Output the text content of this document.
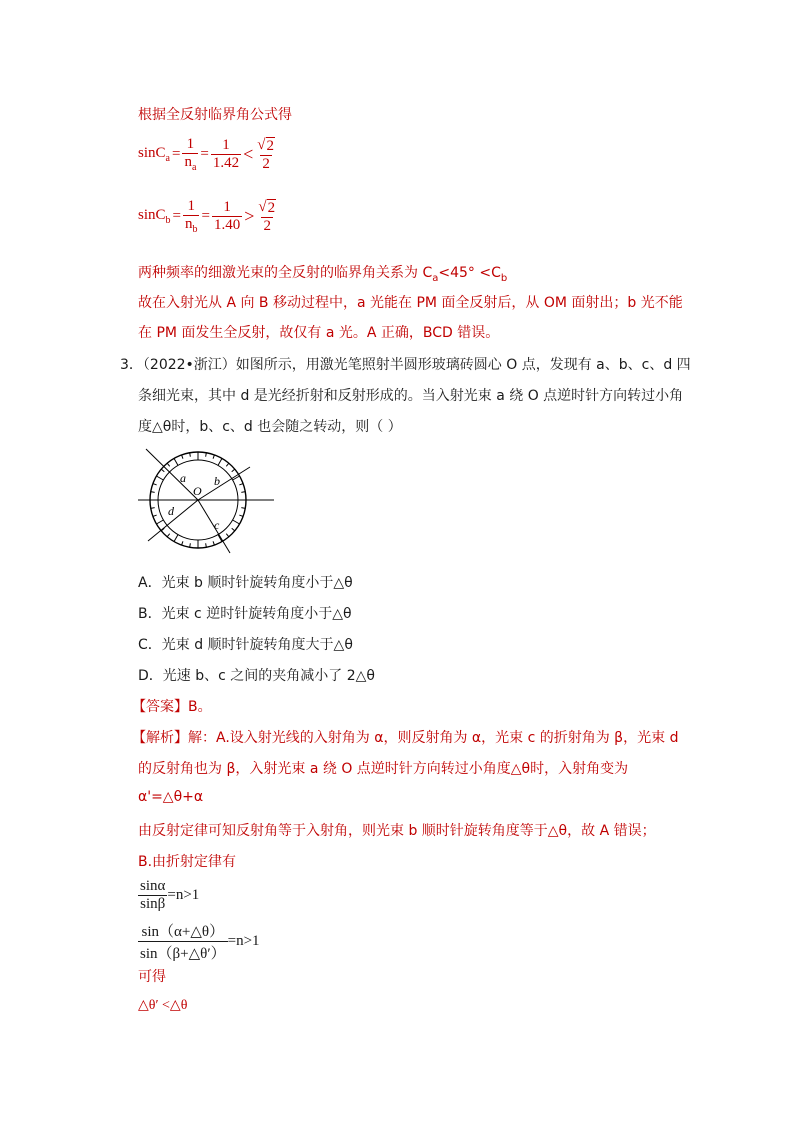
根据全反射临界角公式得
$\sin C_a = \frac{1}{n_a} = \frac{1}{1.42} < \frac{√ 2}{2}$
$\sin C_b = \frac{1}{n_b} = \frac{1}{1.40} > \frac{√ 2}{2}$
两种频率的细激光束的全反射的临界角关系为 $C_a<45^\circ <C_b$
故在入射光从 A 向 B 移动过程中，a 光能在 PM 面全反射后，从 OM 面射出；b 光不能
在 PM 面发生全反射，故仅有 a 光。A 正确，BCD 错误。
3．（2022•浙江）如图所示，用激光笔照射半圆形玻璃砖圆心 O 点，发现有 a、b、c、d 四
条细光束，其中 d 是光经折射和反射形成的。当入射光束 a 绕 O 点逆时针方向转过小角
度△θ时，b、c、d 也会随之转动，则（ ）
a b
c
d
O
A．光束 b 顺时针旋转角度小于△θ
B．光束 c 逆时针旋转角度小于△θ
C．光束 d 顺时针旋转角度大于△θ
D．光速 b、c 之间的夹角减小了 2△θ
【答案】B。
【解析】解：A.设入射光线的入射角为 α，则反射角为 α，光束 c 的折射角为 β，光束 d
的反射角也为 β，入射光束 a 绕 O 点逆时针方向转过小角度△θ时，入射角变为
α'=△θ+α
由反射定律可知反射角等于入射角，则光束 b 顺时针旋转角度等于△θ，故 A 错误；
B.由折射定律有
$\frac{\sin\alpha}{\sin\beta} =n>1$
$\frac{\sin(\alpha+\triangle\theta)}{\sin(\beta+\triangle\theta')} =n>1$
可得
△θ′ <△θ
